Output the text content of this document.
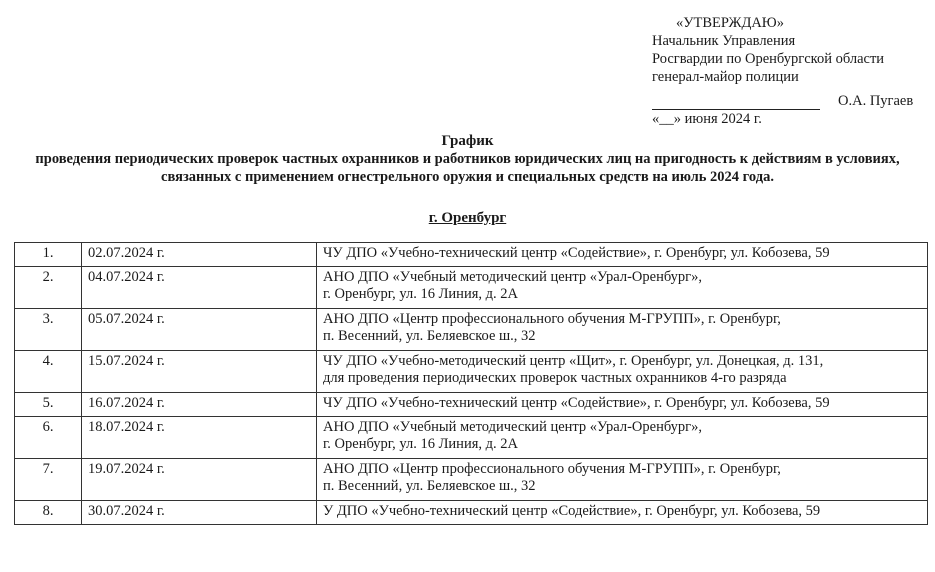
«УТВЕРЖДАЮ»
Начальник Управления
Росгвардии по Оренбургской области
генерал-майор полиции
О.А. Пугаев
«__» июня 2024 г.
График
проведения периодических проверок частных охранников и работников юридических лиц на пригодность к действиям в условиях, связанных с применением огнестрельного оружия и специальных средств на июль 2024 года.
г. Оренбург
1.	02.07.2024 г.	ЧУ ДПО «Учебно-технический центр «Содействие», г. Оренбург, ул. Кобозева, 59

2.	04.07.2024 г.	АНО ДПО «Учебный методический центр «Урал-Оренбург»,
г. Оренбург, ул. 16 Линия, д. 2А

3.	05.07.2024 г.	АНО ДПО «Центр профессионального обучения М-ГРУПП», г. Оренбург,
п. Весенний, ул. Беляевское ш., 32

4.	15.07.2024 г.	ЧУ ДПО «Учебно-методический центр «Щит», г. Оренбург, ул. Донецкая, д. 131,
для проведения периодических проверок частных охранников 4-го разряда

5.	16.07.2024 г.	ЧУ ДПО «Учебно-технический центр «Содействие», г. Оренбург, ул. Кобозева, 59

6.	18.07.2024 г.	АНО ДПО «Учебный методический центр «Урал-Оренбург»,
г. Оренбург, ул. 16 Линия, д. 2А

7.	19.07.2024 г.	АНО ДПО «Центр профессионального обучения М-ГРУПП», г. Оренбург,
п. Весенний, ул. Беляевское ш., 32

8.	30.07.2024 г.	У ДПО «Учебно-технический центр «Содействие», г. Оренбург, ул. Кобозева, 59
